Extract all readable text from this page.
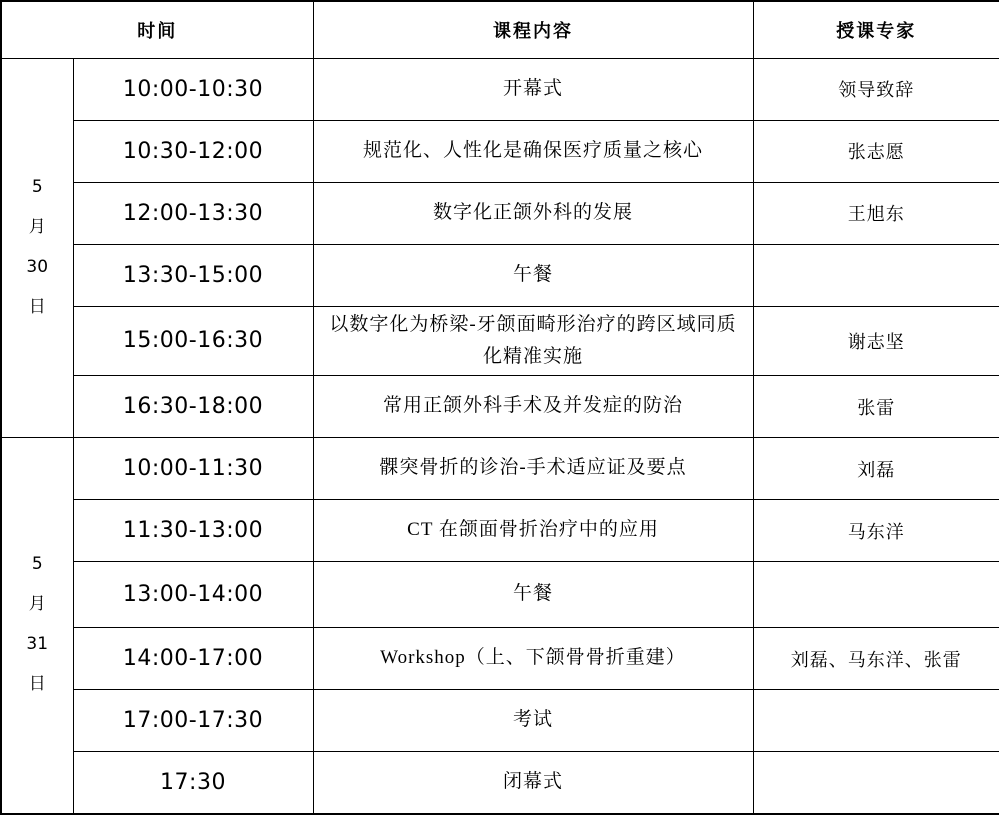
时间		课程内容	授课专家

5
月
30
日	10:00-10:30	开幕式	领导致辞
	10:30-12:00	规范化、人性化是确保医疗质量之核心	张志愿
	12:00-13:30	数字化正颌外科的发展	王旭东
	13:30-15:00	午餐	
	15:00-16:30	以数字化为桥梁-牙颌面畸形治疗的跨区域同质化精准实施	谢志坚
	16:30-18:00	常用正颌外科手术及并发症的防治	张雷

5
月
31
日	10:00-11:30	髁突骨折的诊治-手术适应证及要点	刘磊
	11:30-13:00	CT 在颌面骨折治疗中的应用	马东洋
	13:00-14:00	午餐	
	14:00-17:00	Workshop（上、下颌骨骨折重建）	刘磊、马东洋、张雷
	17:00-17:30	考试	
	17:30	闭幕式	
